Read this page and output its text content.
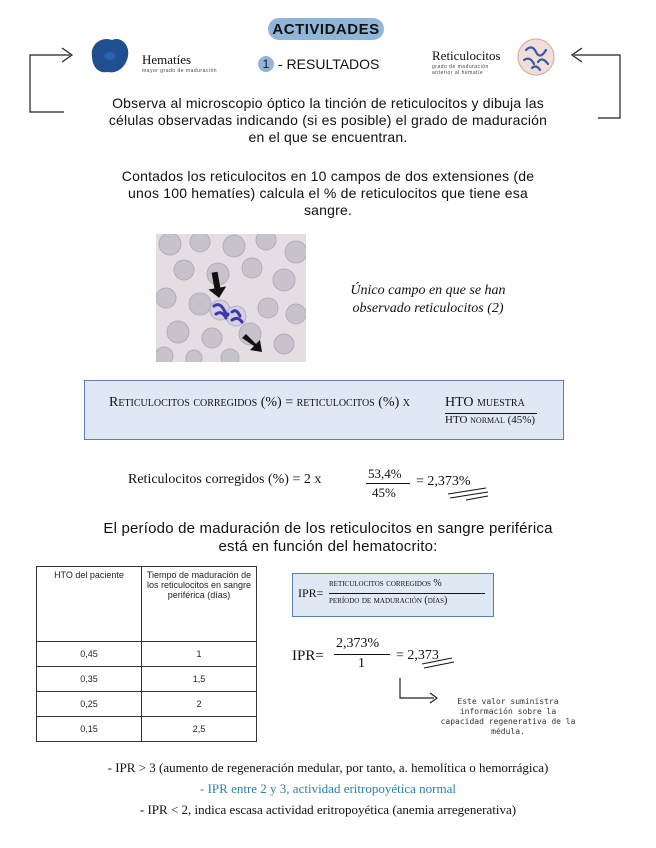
ACTIVIDADES
Hematíes
mayor grado de maduración	1 - RESULTADOS
Reticulocitos
grado de maduración
anterior al hematíe
Observa al microscopio óptico la tinción de reticulocitos y dibuja las
células observadas indicando (si es posible) el grado de maduración
en el que se encuentran.
Contados los reticulocitos en 10 campos de dos extensiones (de
unos 100 hematíes) calcula el % de reticulocitos que tiene esa
sangre.
Único campo en que se han
observado reticulocitos (2)
Reticulocitos corregidos (%) = reticulocitos (%) x	HTO muestra
HTO normal (45%)
Reticulocitos corregidos (%) = 2 x	53,4%
45%
= 2,373%
El período de maduración de los reticulocitos en sangre periférica
está en función del hematocrito:
HTO del paciente	Tiempo de maduración de los reticulocitos en sangre periférica (días)
0,45	1
0,35	1,5
0,25	2
0,15	2,5
IPR=
reticulocitos corregidos %
período de maduración (días)
IPR=
2,373%
1
= 2,373
Este valor suministra
información sobre la
capacidad regenerativa de la
médula.
- IPR > 3 (aumento de regeneración medular, por tanto, a. hemolítica o hemorrágica)
- IPR entre 2 y 3, actividad eritropoyética normal
- IPR < 2, indica escasa actividad eritropoyética (anemia arregenerativa)
